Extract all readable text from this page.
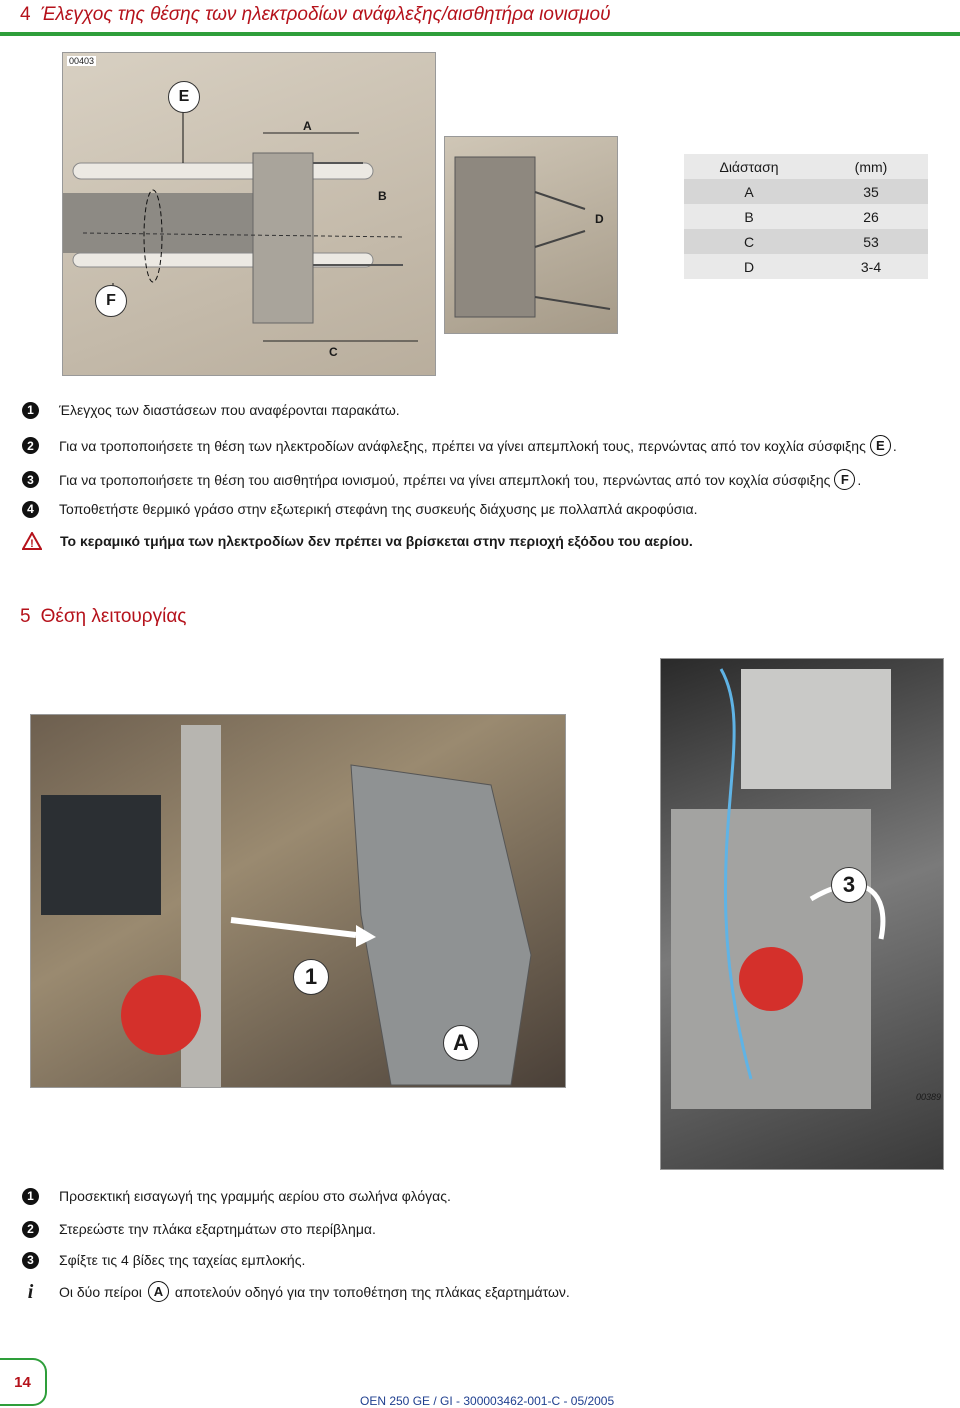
4 Έλεγχος της θέσης των ηλεκτροδίων ανάφλεξης/αισθητήρα ιονισμού
00403
E
F
A
B
C
D
Διάσταση	(mm)
A	35
B	26
C	53
D	3-4
1	Έλεγχος των διαστάσεων που αναφέρονται παρακάτω.
2	Για να τροποποιήσετε τη θέση των ηλεκτροδίων ανάφλεξης, πρέπει να γίνει απεμπλοκή τους, περνώντας από τον κοχλία σύσφιξης E .
3	Για να τροποποιήσετε τη θέση του αισθητήρα ιονισμού, πρέπει να γίνει απεμπλοκή του, περνώντας από τον κοχλία σύσφιξης F .
4	Τοποθετήστε θερμικό γράσο στην εξωτερική στεφάνη της συσκευής διάχυσης με πολλαπλά ακροφύσια.
! Το κεραμικό τμήμα των ηλεκτροδίων δεν πρέπει να βρίσκεται στην περιοχή εξόδου του αερίου.
5 Θέση λειτουργίας
1
A
3
00389
1	Προσεκτική εισαγωγή της γραμμής αερίου στο σωλήνα φλόγας.
2	Στερεώστε την πλάκα εξαρτημάτων στο περίβλημα.
3	Σφίξτε τις 4 βίδες της ταχείας εμπλοκής.
i	Οι δύο πείροι A αποτελούν οδηγό για την τοποθέτηση της πλάκας εξαρτημάτων.
14
OEN 250 GE / GI - 300003462-001-C - 05/2005
